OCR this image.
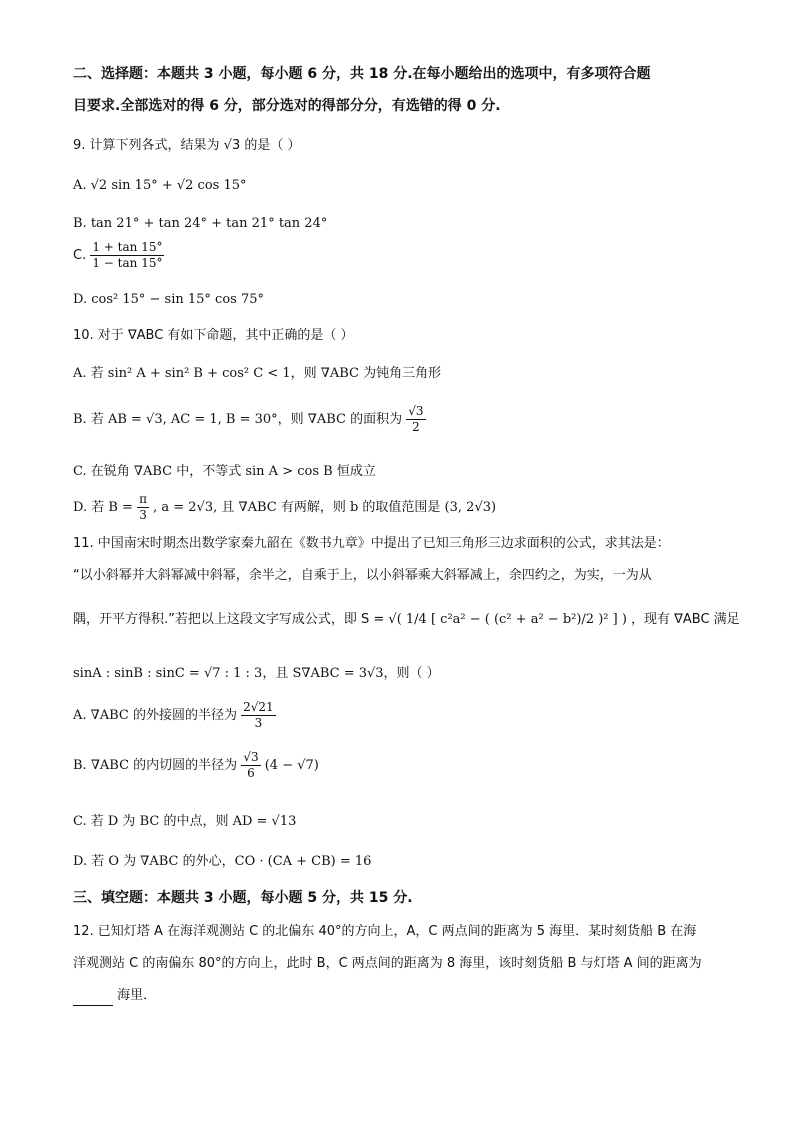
二、选择题：本题共 3 小题，每小题 6 分，共 18 分.在每小题给出的选项中，有多项符合题
目要求.全部选对的得 6 分，部分选对的得部分分，有选错的得 0 分.
9. 计算下列各式，结果为 √3 的是（ ）
A. √2 sin 15° + √2 cos 15°
B. tan 21° + tan 24° + tan 21° tan 24°
C. $\frac{1 + \tan 15^\circ}{1 - \tan 15^\circ}$
D. cos² 15° − sin 15° cos 75°
10. 对于 ∇ABC 有如下命题，其中正确的是（ ）
A. 若 sin² A + sin² B + cos² C < 1，则 ∇ABC 为钝角三角形
B. 若 AB = √3, AC = 1, B = 30°，则 ∇ABC 的面积为 $\frac{√3}{2}$
C. 在锐角 ∇ABC 中，不等式 sin A > cos B 恒成立
D. 若 $B = \frac{\pi}{3}$ , a = 2√3, 且 ∇ABC 有两解，则 b 的取值范围是 (3, 2√3)
11. 中国南宋时期杰出数学家秦九韶在《数书九章》中提出了已知三角形三边求面积的公式，求其法是：
“以小斜幂并大斜幂减中斜幂，余半之，自乘于上，以小斜幂乘大斜幂减上，余四约之，为实，一为从
隅，开平方得积.”若把以上这段文字写成公式，即 S = √( 1/4 [ c²a² − ( (c² + a² − b²)/2 )² ] ) ，现有 ∇ABC 满足
sinA : sinB : sinC = √7 : 1 : 3，且 S∇ABC = 3√3，则（ ）
A. ∇ABC 的外接圆的半径为 $\frac{2√21}{3}$
B. ∇ABC 的内切圆的半径为 $\frac{√3}{6} (4 - √7)$
C. 若 D 为 BC 的中点，则 AD = √13
D. 若 O 为 ∇ABC 的外心，CO · (CA + CB) = 16
三、填空题：本题共 3 小题，每小题 5 分，共 15 分.
12. 已知灯塔 A 在海洋观测站 C 的北偏东 40°的方向上，A，C 两点间的距离为 5 海里．某时刻货船 B 在海
洋观测站 C 的南偏东 80°的方向上，此时 B，C 两点间的距离为 8 海里，该时刻货船 B 与灯塔 A 间的距离为
海里．
